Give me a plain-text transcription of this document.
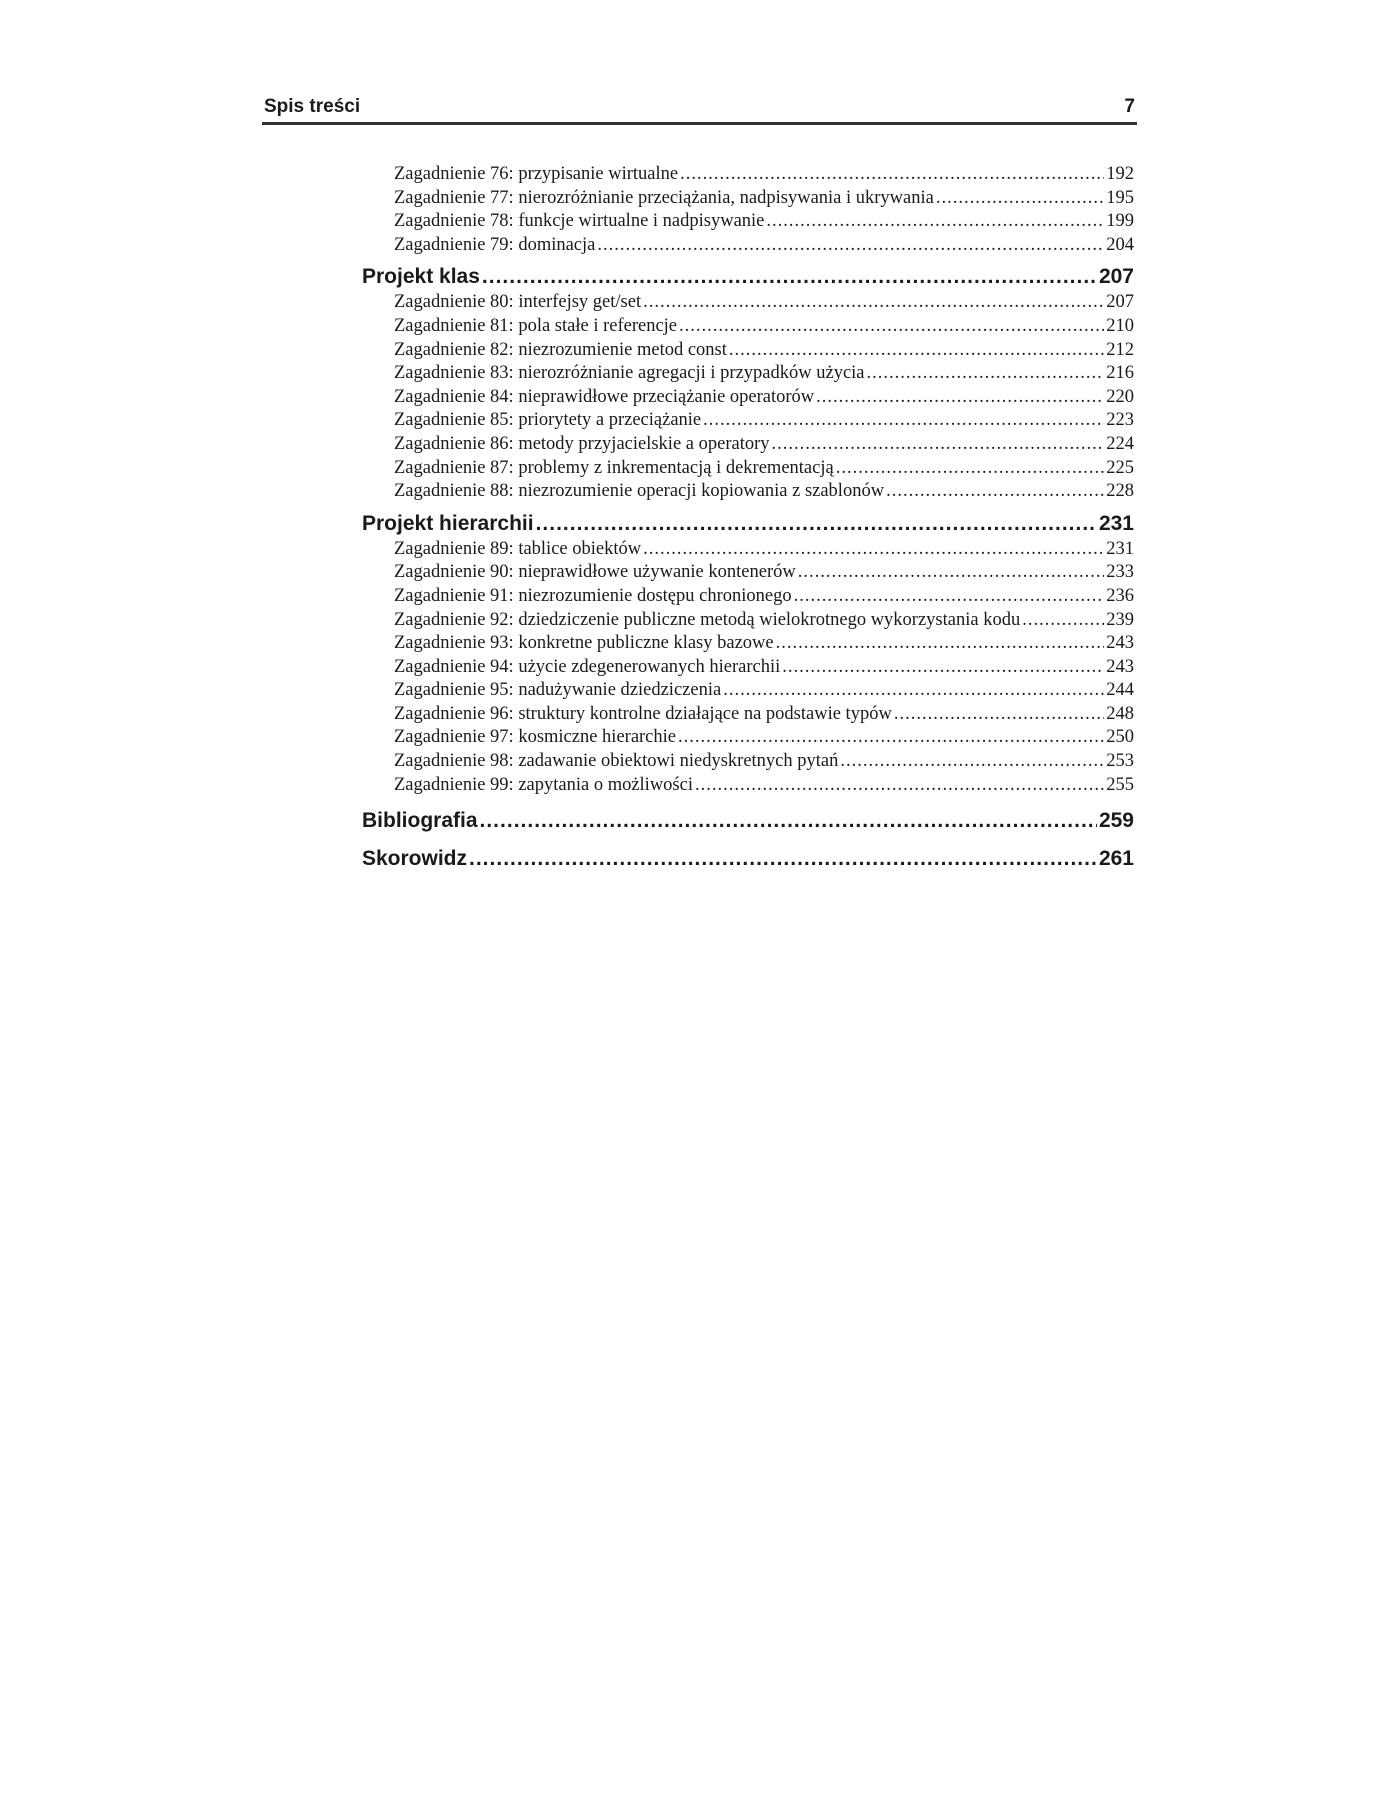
Spis treści	7
Zagadnienie 76: przypisanie wirtualne .....	192
Zagadnienie 77: nierozróżnianie przeciążania, nadpisywania i ukrywania .....	195
Zagadnienie 78: funkcje wirtualne i nadpisywanie .....	199
Zagadnienie 79: dominacja .....	204
Projekt klas .....	207
Zagadnienie 80: interfejsy get/set .....	207
Zagadnienie 81: pola stałe i referencje .....	210
Zagadnienie 82: niezrozumienie metod const .....	212
Zagadnienie 83: nierozróżnianie agregacji i przypadków użycia .....	216
Zagadnienie 84: nieprawidłowe przeciążanie operatorów .....	220
Zagadnienie 85: priorytety a przeciążanie .....	223
Zagadnienie 86: metody przyjacielskie a operatory .....	224
Zagadnienie 87: problemy z inkrementacją i dekrementacją .....	225
Zagadnienie 88: niezrozumienie operacji kopiowania z szablonów .....	228
Projekt hierarchii .....	231
Zagadnienie 89: tablice obiektów .....	231
Zagadnienie 90: nieprawidłowe używanie kontenerów .....	233
Zagadnienie 91: niezrozumienie dostępu chronionego .....	236
Zagadnienie 92: dziedziczenie publiczne metodą wielokrotnego wykorzystania kodu .....	239
Zagadnienie 93: konkretne publiczne klasy bazowe .....	243
Zagadnienie 94: użycie zdegenerowanych hierarchii .....	243
Zagadnienie 95: nadużywanie dziedziczenia .....	244
Zagadnienie 96: struktury kontrolne działające na podstawie typów .....	248
Zagadnienie 97: kosmiczne hierarchie .....	250
Zagadnienie 98: zadawanie obiektowi niedyskretnych pytań .....	253
Zagadnienie 99: zapytania o możliwości .....	255
Bibliografia .....	259
Skorowidz .....	261
